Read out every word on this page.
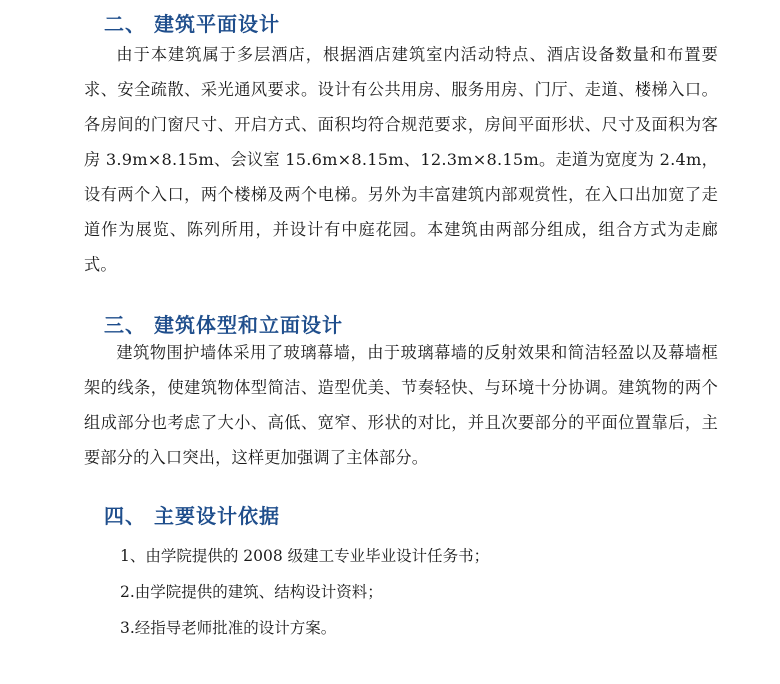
二、 建筑平面设计

由于本建筑属于多层酒店，根据酒店建筑室内活动特点、酒店设备数量和布置要求、安全疏散、采光通风要求。设计有公共用房、服务用房、门厅、走道、楼梯入口。各房间的门窗尺寸、开启方式、面积均符合规范要求，房间平面形状、尺寸及面积为客房 3.9m×8.15m、会议室 15.6m×8.15m、12.3m×8.15m。走道为宽度为 2.4m，设有两个入口，两个楼梯及两个电梯。另外为丰富建筑内部观赏性，在入口出加宽了走道作为展览、陈列所用，并设计有中庭花园。本建筑由两部分组成，组合方式为走廊式。

三、 建筑体型和立面设计

建筑物围护墙体采用了玻璃幕墙，由于玻璃幕墙的反射效果和简洁轻盈以及幕墙框架的线条，使建筑物体型简洁、造型优美、节奏轻快、与环境十分协调。建筑物的两个组成部分也考虑了大小、高低、宽窄、形状的对比，并且次要部分的平面位置靠后，主要部分的入口突出，这样更加强调了主体部分。

四、 主要设计依据
1、由学院提供的 2008 级建工专业毕业设计任务书；
2.由学院提供的建筑、结构设计资料；
3.经指导老师批准的设计方案。
